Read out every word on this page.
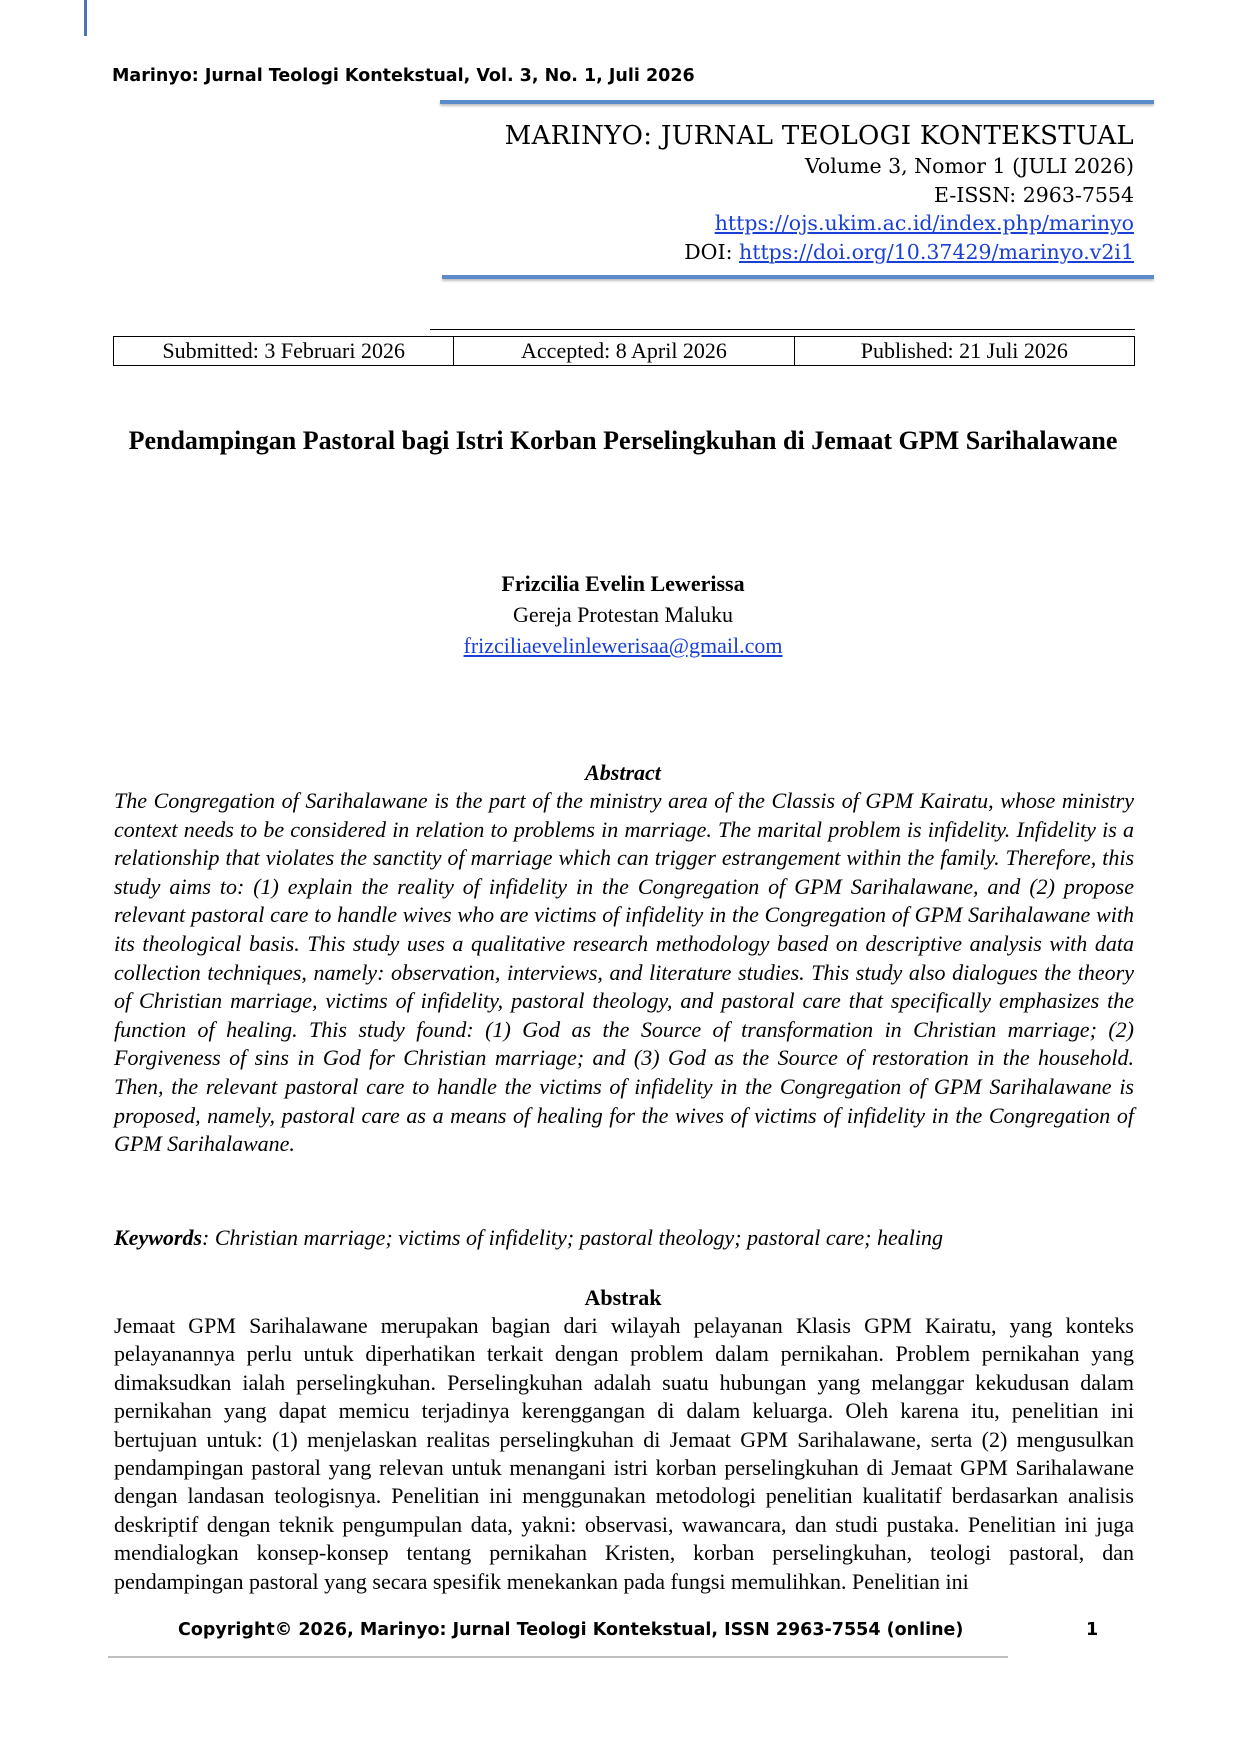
Marinyo: Jurnal Teologi Kontekstual, Vol. 3, No. 1, Juli 2026
MARINYO: JURNAL TEOLOGI KONTEKSTUAL
Volume 3, Nomor 1 (JULI 2026)
E-ISSN: 2963-7554
https://ojs.ukim.ac.id/index.php/marinyo
DOI: https://doi.org/10.37429/marinyo.v2i1
Submitted: 3 Februari 2026	Accepted: 8 April 2026	Published: 21 Juli 2026
Pendampingan Pastoral bagi Istri Korban Perselingkuhan di Jemaat GPM Sarihalawane
Frizcilia Evelin Lewerissa
Gereja Protestan Maluku
frizciliaevelinlewerisaa@gmail.com
Abstract

The Congregation of Sarihalawane is the part of the ministry area of the Classis of GPM Kairatu, whose ministry context needs to be considered in relation to problems in marriage. The marital problem is infidelity. Infidelity is a relationship that violates the sanctity of marriage which can trigger estrangement within the family. Therefore, this study aims to: (1) explain the reality of infidelity in the Congregation of GPM Sarihalawane, and (2) propose relevant pastoral care to handle wives who are victims of infidelity in the Congregation of GPM Sarihalawane with its theological basis. This study uses a qualitative research methodology based on descriptive analysis with data collection techniques, namely: observation, interviews, and literature studies. This study also dialogues the theory of Christian marriage, victims of infidelity, pastoral theology, and pastoral care that specifically emphasizes the function of healing. This study found: (1) God as the Source of transformation in Christian marriage; (2) Forgiveness of sins in God for Christian marriage; and (3) God as the Source of restoration in the household. Then, the relevant pastoral care to handle the victims of infidelity in the Congregation of GPM Sarihalawane is proposed, namely, pastoral care as a means of healing for the wives of victims of infidelity in the Congregation of GPM Sarihalawane.

Keywords: Christian marriage; victims of infidelity; pastoral theology; pastoral care; healing

Abstrak

Jemaat GPM Sarihalawane merupakan bagian dari wilayah pelayanan Klasis GPM Kairatu, yang konteks pelayanannya perlu untuk diperhatikan terkait dengan problem dalam pernikahan. Problem pernikahan yang dimaksudkan ialah perselingkuhan. Perselingkuhan adalah suatu hubungan yang melanggar kekudusan dalam pernikahan yang dapat memicu terjadinya kerenggangan di dalam keluarga. Oleh karena itu, penelitian ini bertujuan untuk: (1) menjelaskan realitas perselingkuhan di Jemaat GPM Sarihalawane, serta (2) mengusulkan pendampingan pastoral yang relevan untuk menangani istri korban perselingkuhan di Jemaat GPM Sarihalawane dengan landasan teologisnya. Penelitian ini menggunakan metodologi penelitian kualitatif berdasarkan analisis deskriptif dengan teknik pengumpulan data, yakni: observasi, wawancara, dan studi pustaka. Penelitian ini juga mendialogkan konsep-konsep tentang pernikahan Kristen, korban perselingkuhan, teologi pastoral, dan pendampingan pastoral yang secara spesifik menekankan pada fungsi memulihkan. Penelitian ini

Copyright© 2026, Marinyo: Jurnal Teologi Kontekstual, ISSN 2963-7554 (online)	1
